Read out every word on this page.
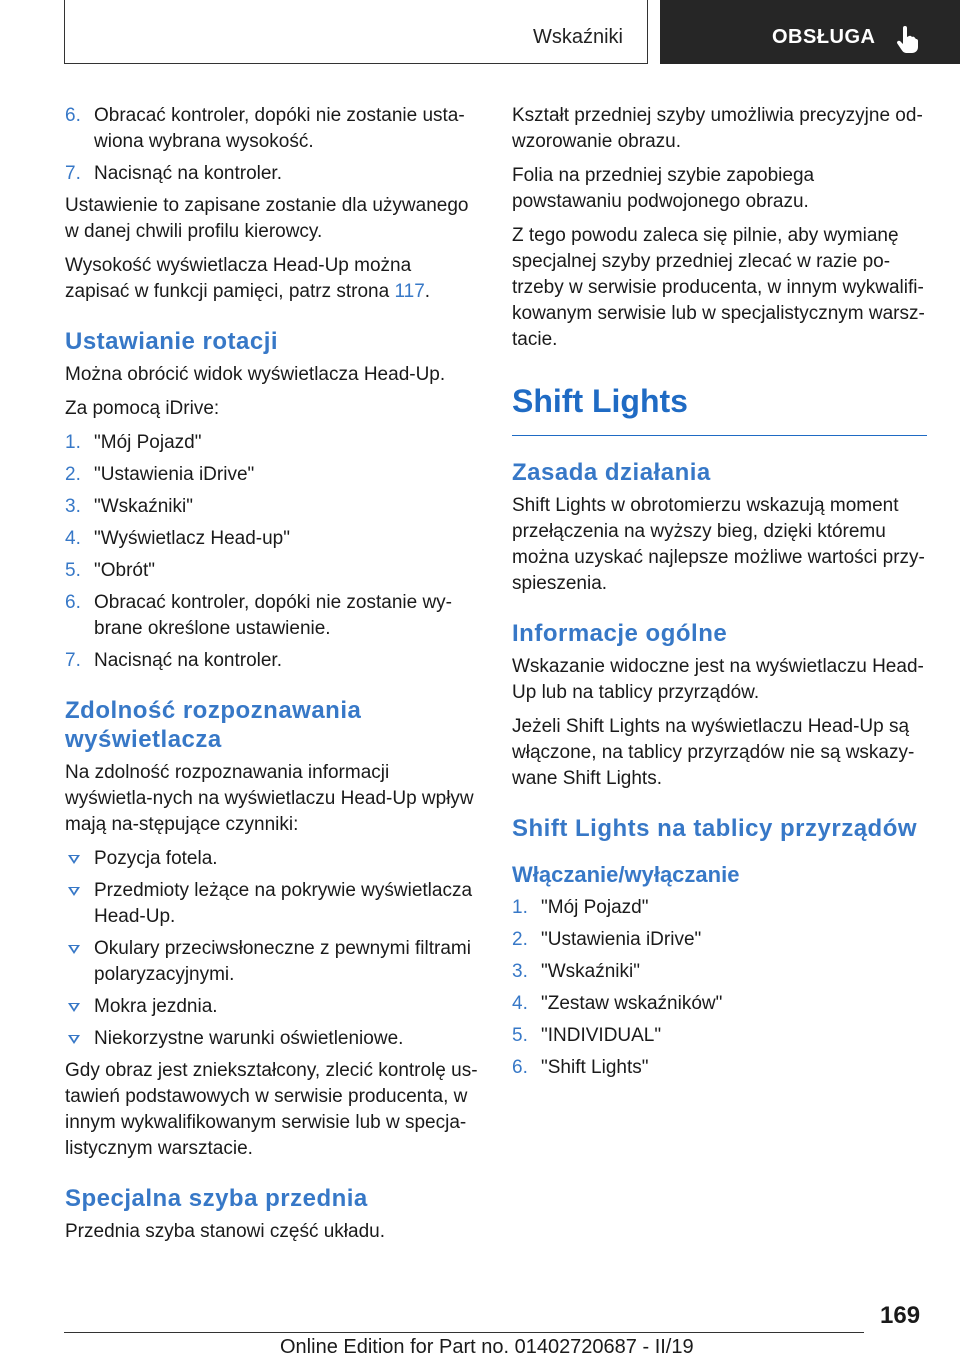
Wskaźniki	OBSŁUGA
6. Obracać kontroler, dopóki nie zostanie usta-
wiona wybrana wysokość.
7. Nacisnąć na kontroler.

Ustawienie to zapisane zostanie dla używanego w danej chwili profilu kierowcy.

Wysokość wyświetlacza Head-Up można zapisać w funkcji pamięci, patrz strona 117.

Ustawianie rotacji

Można obrócić widok wyświetlacza Head-Up.

Za pomocą iDrive:

1. "Mój Pojazd"
2. "Ustawienia iDrive"
3. "Wskaźniki"
4. "Wyświetlacz Head-up"
5. "Obrót"
6. Obracać kontroler, dopóki nie zostanie wy-
brane określone ustawienie.
7. Nacisnąć na kontroler.
Zdolność rozpoznawania wyświetlacza

Na zdolność rozpoznawania informacji wyświetla-nych na wyświetlaczu Head-Up wpływ mają na-stępujące czynniki:

Pozycja fotela.
Przedmioty leżące na pokrywie wyświetlacza Head-Up.
Okulary przeciwsłoneczne z pewnymi filtrami polaryzacyjnymi.
Mokra jezdnia.
Niekorzystne warunki oświetleniowe.

Gdy obraz jest zniekształcony, zlecić kontrolę us-tawień podstawowych w serwisie producenta, w innym wykwalifikowanym serwisie lub w specja-listycznym warsztacie.

Specjalna szyba przednia

Przednia szyba stanowi część układu.

Kształt przedniej szyby umożliwia precyzyjne od-wzorowanie obrazu.

Folia na przedniej szybie zapobiega powstawaniu podwojonego obrazu.

Z tego powodu zaleca się pilnie, aby wymianę specjalnej szyby przedniej zlecać w razie po-trzeby w serwisie producenta, w innym wykwalifi-kowanym serwisie lub w specjalistycznym warsz-tacie.

Shift Lights
Zasada działania

Shift Lights w obrotomierzu wskazują moment przełączenia na wyższy bieg, dzięki któremu można uzyskać najlepsze możliwe wartości przy-spieszenia.

Informacje ogólne

Wskazanie widoczne jest na wyświetlaczu Head-Up lub na tablicy przyrządów.

Jeżeli Shift Lights na wyświetlaczu Head-Up są włączone, na tablicy przyrządów nie są wskazy-wane Shift Lights.

Shift Lights na tablicy przyrządów
Włączanie/wyłączanie
1. "Mój Pojazd"
2. "Ustawienia iDrive"
3. "Wskaźniki"
4. "Zestaw wskaźników"
5. "INDIVIDUAL"
6. "Shift Lights"
169
Online Edition for Part no. 01402720687 - II/19
